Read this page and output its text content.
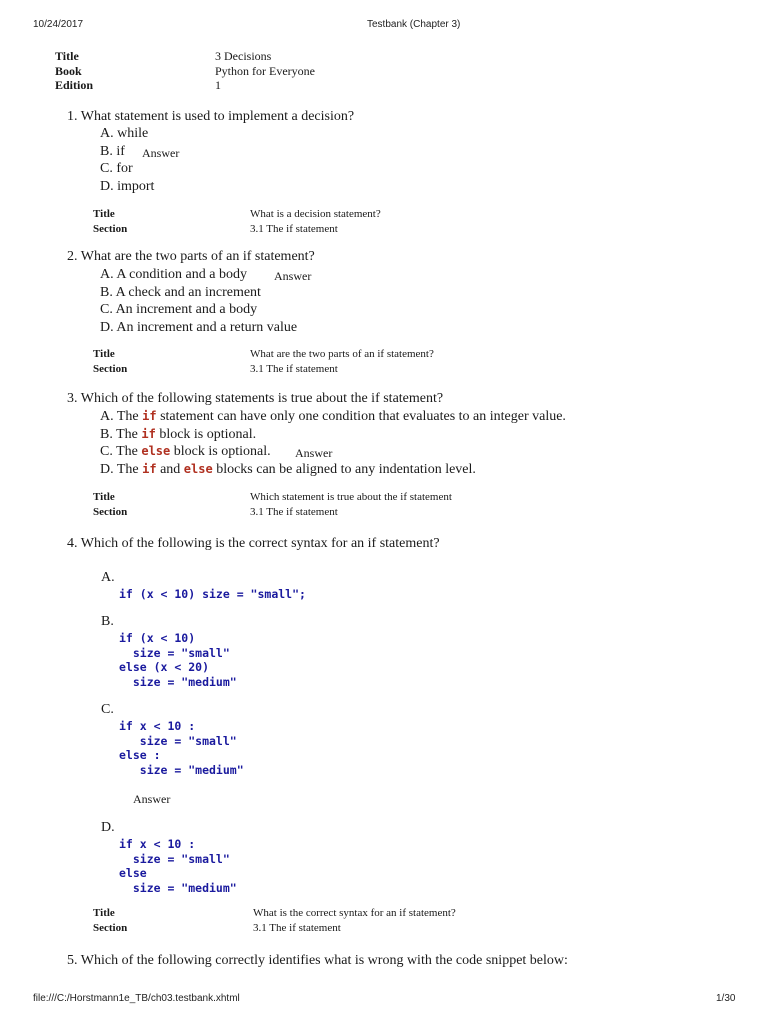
10/24/2017	Testbank (Chapter 3)
Title	3 Decisions
Book	Python for Everyone
Edition	1
1. What statement is used to implement a decision?
A. while
B. if Answer
C. for
D. import
Title	What is a decision statement?
Section	3.1 The if statement
2. What are the two parts of an if statement?
A. A condition and a body Answer
B. A check and an increment
C. An increment and a body
D. An increment and a return value
Title	What are the two parts of an if statement?
Section	3.1 The if statement
3. Which of the following statements is true about the if statement?
A. The if statement can have only one condition that evaluates to an integer value.
B. The if block is optional.
C. The else block is optional. Answer
D. The if and else blocks can be aligned to any indentation level.
Title	Which statement is true about the if statement
Section	3.1 The if statement
4. Which of the following is the correct syntax for an if statement?
A.
if (x < 10) size = "small";
B.
if (x < 10)
size = "small"
else (x < 20)
size = "medium"
C.
if x < 10 :
size = "small"
else :
size = "medium"
Answer
D.
if x < 10 :
size = "small"
else
size = "medium"
Title	What is the correct syntax for an if statement?
Section	3.1 The if statement
5. Which of the following correctly identifies what is wrong with the code snippet below:
file:///C:/Horstmann1e_TB/ch03.testbank.xhtml	1/30
